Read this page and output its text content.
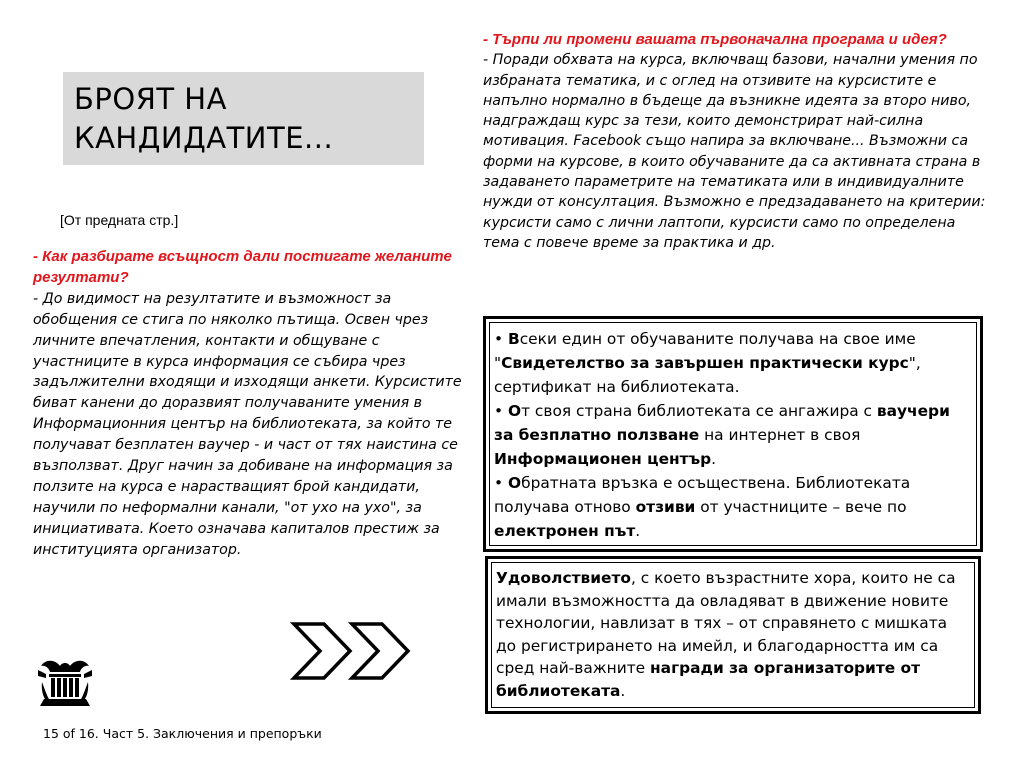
БРОЯТ НА
КАНДИДАТИТЕ...
[От предната стр.]
- Как разбирате всъщност дали постигате желаните резултати?
- До видимост на резултатите и възможност за обобщения се стига по няколко пътища. Освен чрез личните впечатления, контакти и общуване с участниците в курса информация се събира чрез задължителни входящи и изходящи анкети. Курсистите биват канени до доразвият получаваните умения в Информационния център на библиотеката, за който те получават безплатен ваучер - и част от тях наистина се възползват. Друг начин за добиване на информация за ползите на курса е нарастващият брой кандидати, научили по неформални канали, "от ухо на ухо", за инициативата. Което означава капиталов престиж за институцията организатор.
- Търпи ли промени вашата първоначална програма и идея?
- Поради обхвата на курса, включващ базови, начални умения по избраната тематика, и с оглед на отзивите на курсистите е напълно нормално в бъдеще да възникне идеята за второ ниво, надграждащ курс за тези, които демонстрират най-силна мотивация. Facebook също напира за включване... Възможни са форми на курсове, в които обучаваните да са активната страна в задаването параметрите на тематиката или в индивидуалните нужди от консултация. Възможно е предзадаването на критерии: курсисти само с лични лаптопи, курсисти само по определена тема с повече време за практика и др.
• Всеки един от обучаваните получава на свое име "Свидетелство за завършен практически курс", сертификат на библиотеката.
• От своя страна библиотеката се ангажира с ваучери за безплатно ползване на интернет в своя Информационен център.
• Обратната връзка е осъществена. Библиотеката получава отново отзиви от участниците – вече по електронен път.
Удоволствието, с което възрастните хора, които не са имали възможността да овладяват в движение новите технологии, навлизат в тях – от справянето с мишката до регистрирането на имейл, и благодарността им са сред най-важните награди за организаторите от библиотеката.
15 of 16. Част 5. Заключения и препоръки
